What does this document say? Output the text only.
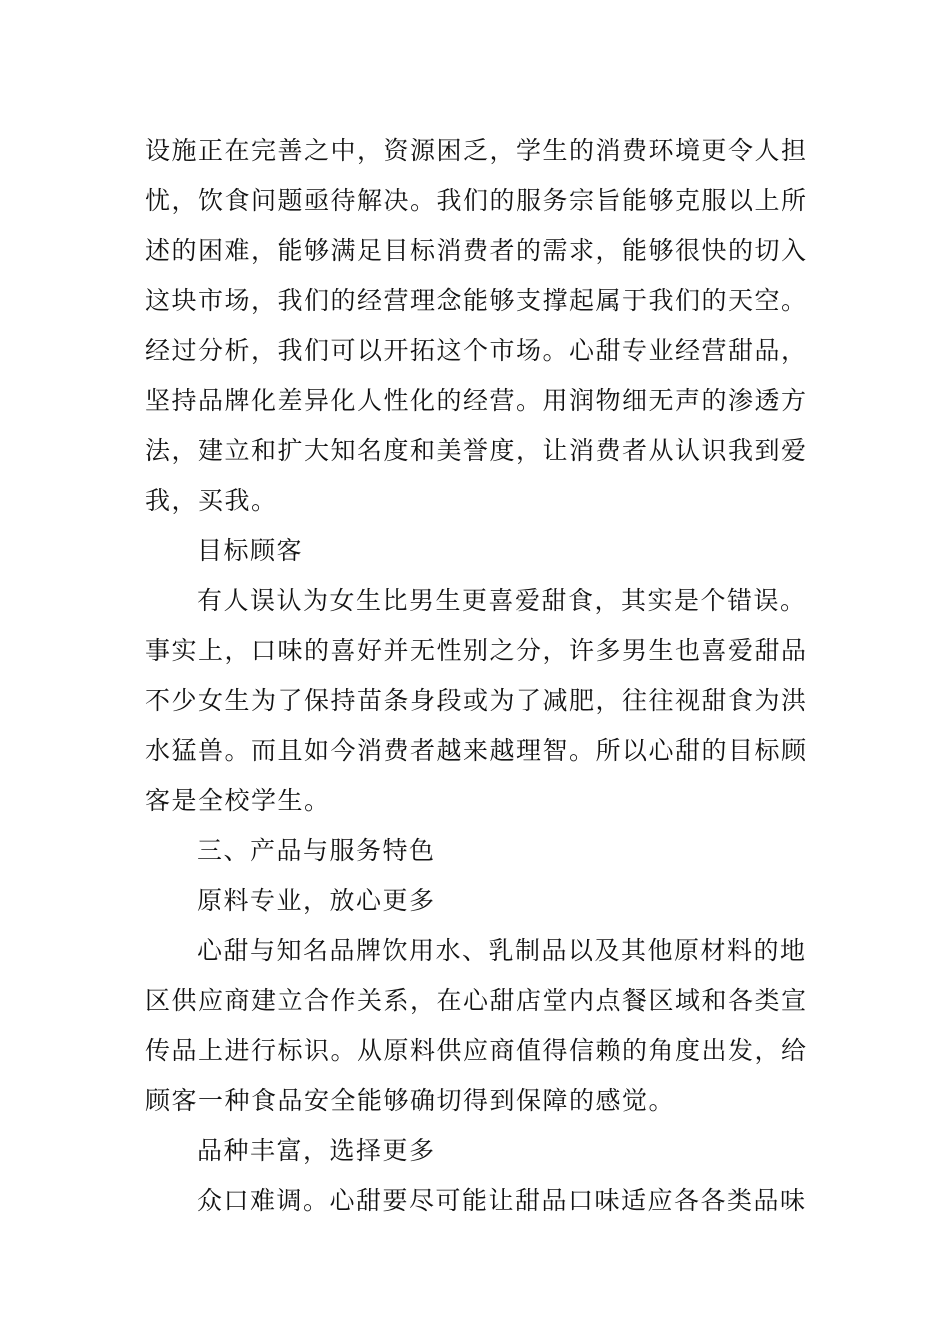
设施正在完善之中，资源困乏，学生的消费环境更令人担
忧，饮食问题亟待解决。我们的服务宗旨能够克服以上所
述的困难，能够满足目标消费者的需求，能够很快的切入
这块市场，我们的经营理念能够支撑起属于我们的天空。
经过分析，我们可以开拓这个市场。心甜专业经营甜品，
坚持品牌化差异化人性化的经营。用润物细无声的渗透方
法，建立和扩大知名度和美誉度，让消费者从认识我到爱
我，买我。
目标顾客
有人误认为女生比男生更喜爱甜食，其实是个错误。
事实上，口味的喜好并无性别之分，许多男生也喜爱甜品
不少女生为了保持苗条身段或为了减肥，往往视甜食为洪
水猛兽。而且如今消费者越来越理智。所以心甜的目标顾
客是全校学生。
三、产品与服务特色
原料专业，放心更多
心甜与知名品牌饮用水、乳制品以及其他原材料的地
区供应商建立合作关系，在心甜店堂内点餐区域和各类宣
传品上进行标识。从原料供应商值得信赖的角度出发，给
顾客一种食品安全能够确切得到保障的感觉。
品种丰富，选择更多
众口难调。心甜要尽可能让甜品口味适应各各类品味
